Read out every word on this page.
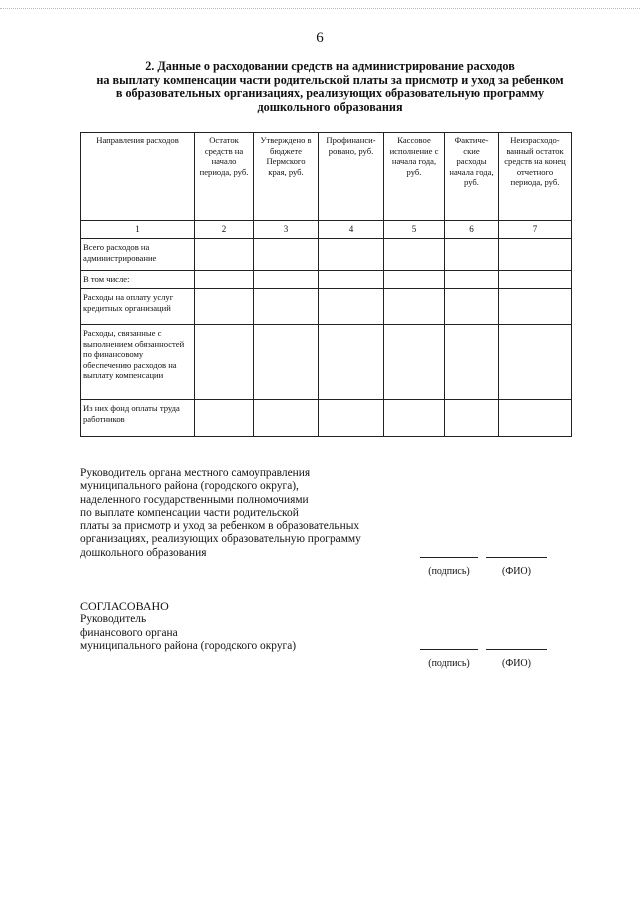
6
2. Данные о расходовании средств на администрирование расходов
на выплату компенсации части родительской платы за присмотр и уход за ребенком
в образовательных организациях, реализующих образовательную программу
дошкольного образования
Направления расходов	Остаток средств на начало периода, руб.	Утверждено в бюджете Пермского края, руб.	Профинанси-ровано, руб.	Кассовое исполнение с начала года, руб.	Фактиче-ские расходы начала года, руб.	Неизрасходо-ванный остаток средств на конец отчетного периода, руб.
1	2	3	4	5	6	7
Всего расходов на администрирование						
В том числе:						
Расходы на оплату услуг кредитных организаций						
Расходы, связанные с выполнением обязанностей по финансовому обеспечению расходов на выплату компенсации						
Из них фонд оплаты труда работников						
Руководитель органа местного самоуправления
муниципального района (городского округа),
наделенного государственными полномочиями
по выплате компенсации части родительской
платы за присмотр и уход за ребенком в образовательных
организациях, реализующих образовательную программу
дошкольного образования
(подпись)	(ФИО)
СОГЛАСОВАНО
Руководитель
финансового органа
муниципального района (городского округа)
(подпись)	(ФИО)
